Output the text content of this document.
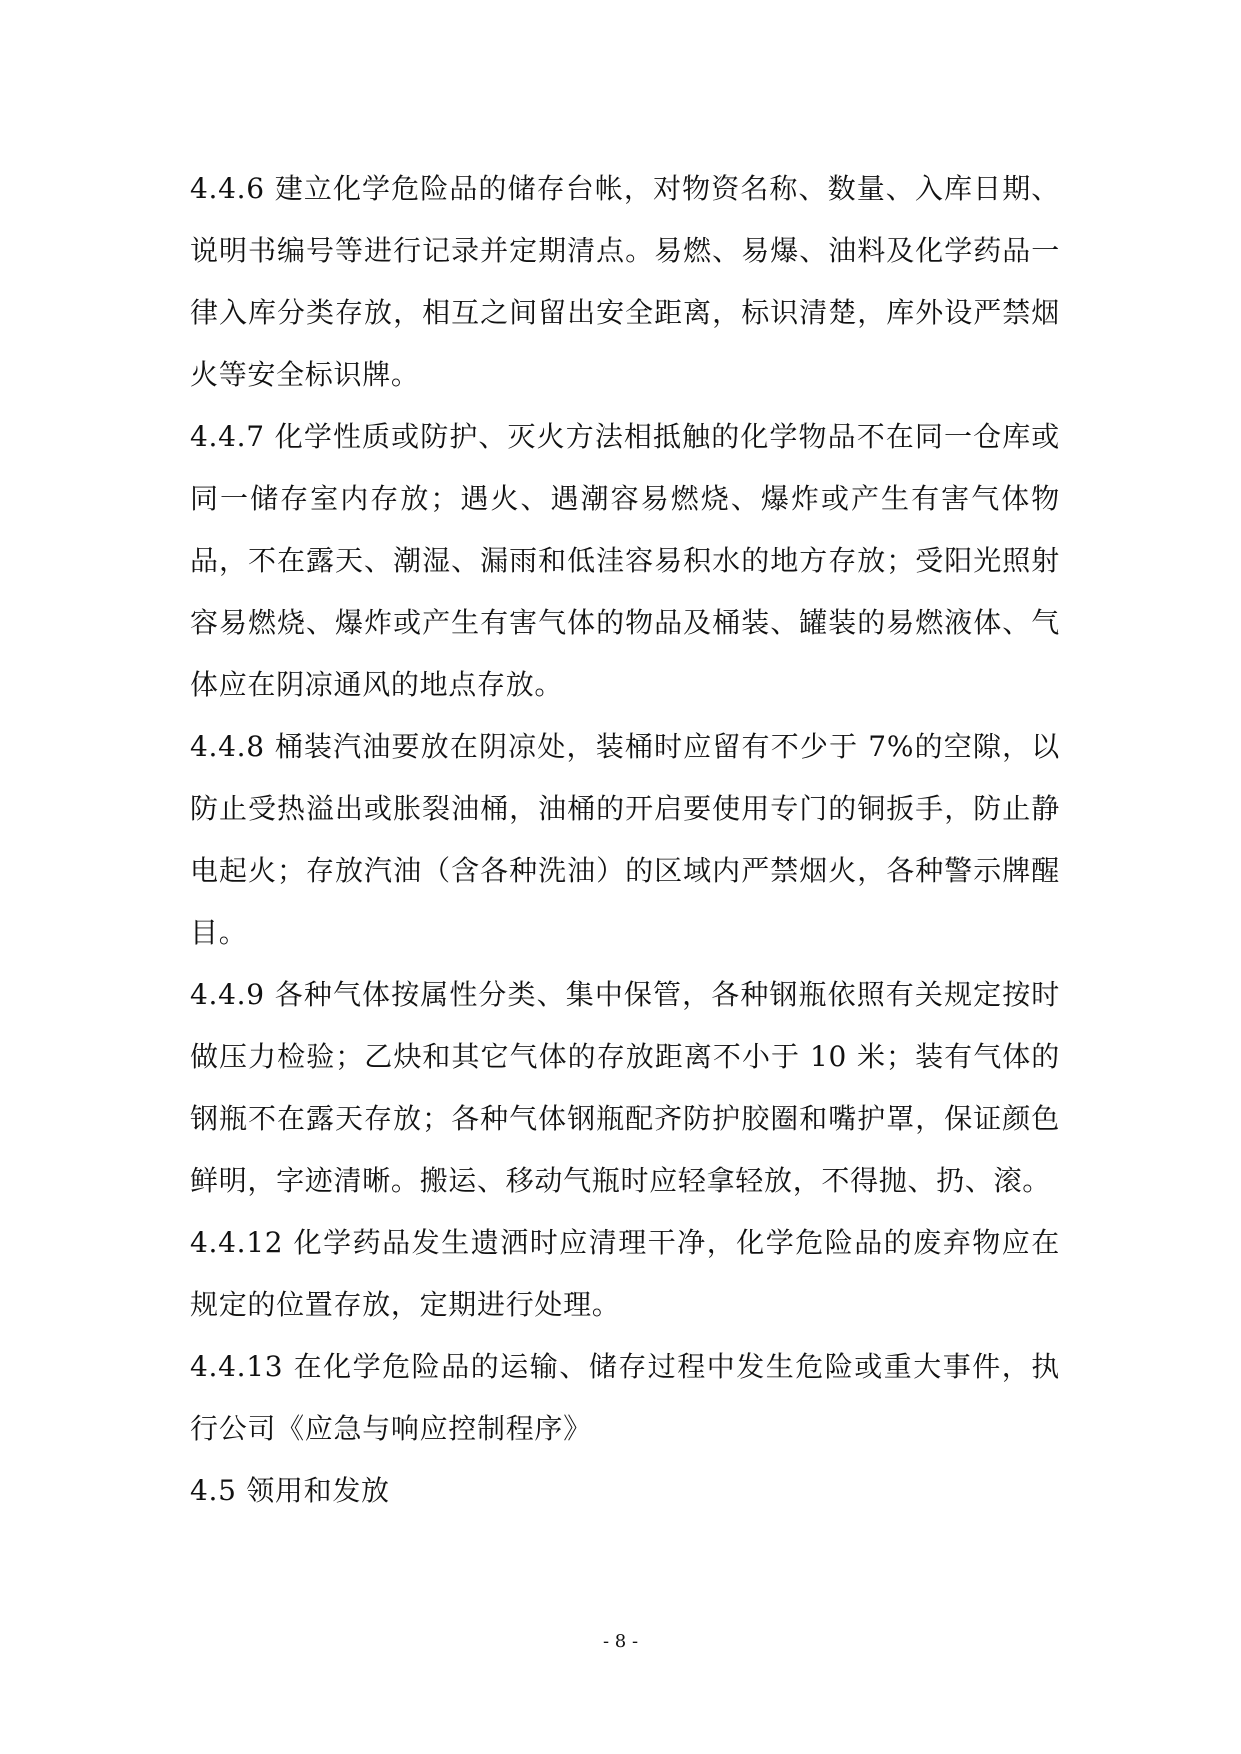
4.4.6 建立化学危险品的储存台帐，对物资名称、数量、入库日期、说明书编号等进行记录并定期清点。易燃、易爆、油料及化学药品一律入库分类存放，相互之间留出安全距离，标识清楚，库外设严禁烟火等安全标识牌。

4.4.7 化学性质或防护、灭火方法相抵触的化学物品不在同一仓库或同一储存室内存放；遇火、遇潮容易燃烧、爆炸或产生有害气体物品，不在露天、潮湿、漏雨和低洼容易积水的地方存放；受阳光照射容易燃烧、爆炸或产生有害气体的物品及桶装、罐装的易燃液体、气体应在阴凉通风的地点存放。

4.4.8 桶装汽油要放在阴凉处，装桶时应留有不少于 7%的空隙，以防止受热溢出或胀裂油桶，油桶的开启要使用专门的铜扳手，防止静电起火；存放汽油（含各种洗油）的区域内严禁烟火，各种警示牌醒目。

4.4.9 各种气体按属性分类、集中保管，各种钢瓶依照有关规定按时做压力检验；乙炔和其它气体的存放距离不小于 10 米；装有气体的钢瓶不在露天存放；各种气体钢瓶配齐防护胶圈和嘴护罩，保证颜色鲜明，字迹清晰。搬运、移动气瓶时应轻拿轻放，不得抛、扔、滚。

4.4.12 化学药品发生遗洒时应清理干净，化学危险品的废弃物应在规定的位置存放，定期进行处理。

4.4.13 在化学危险品的运输、储存过程中发生危险或重大事件，执行公司《应急与响应控制程序》

4.5 领用和发放

- 8 -
